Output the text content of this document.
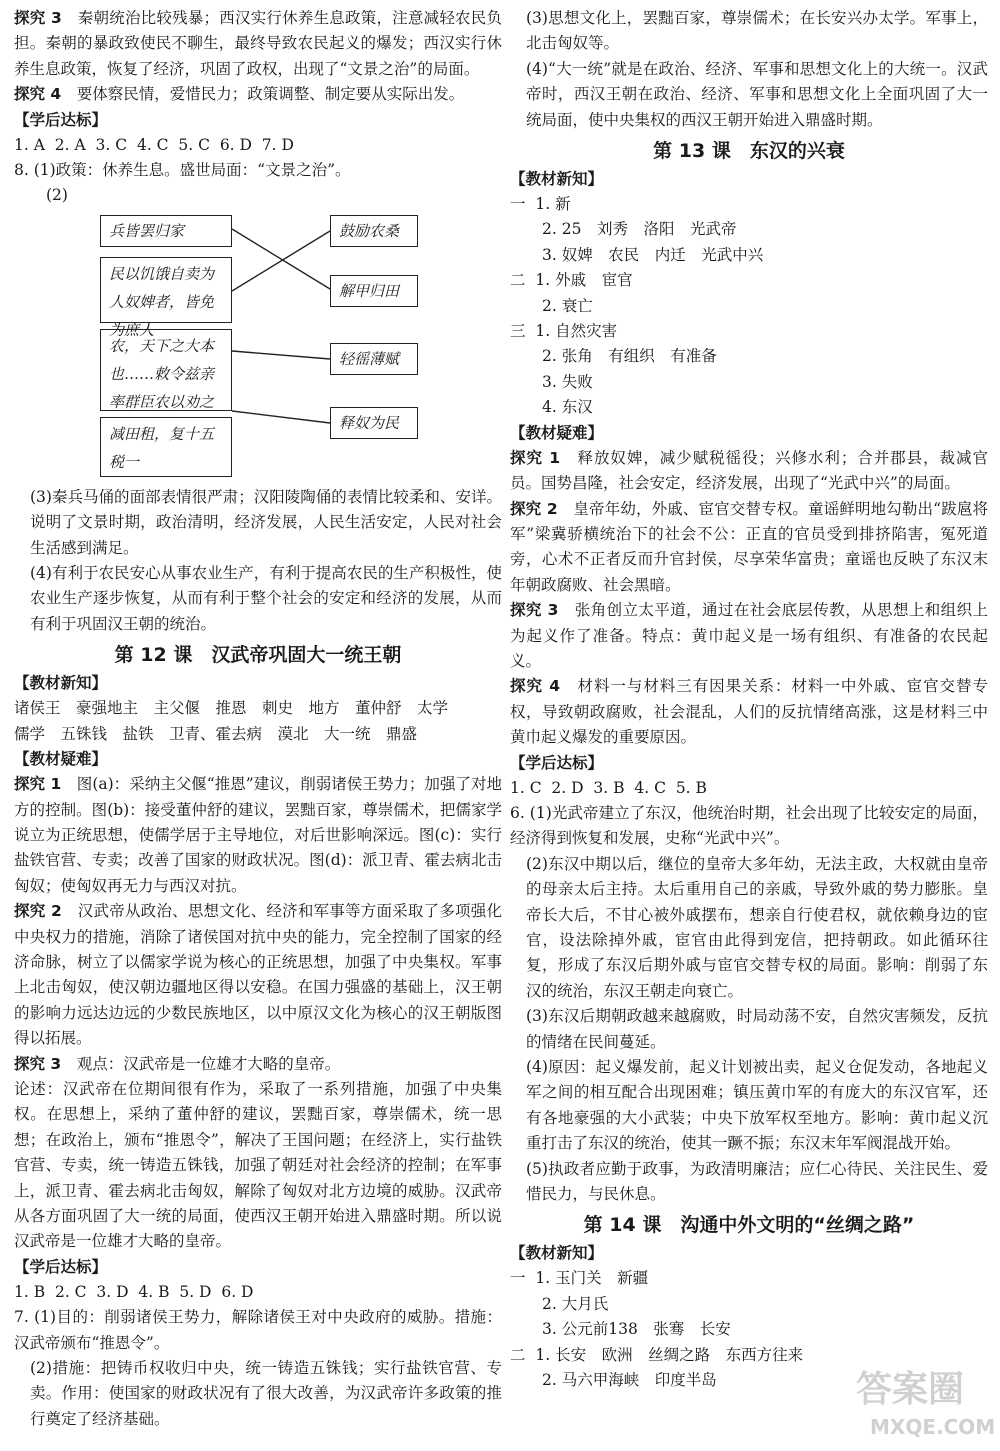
探究 3　 秦朝统治比较残暴；西汉实行休养生息政策，注意减轻农民负担。秦朝的暴政致使民不聊生，最终导致农民起义的爆发；西汉实行休养生息政策，恢复了经济，巩固了政权，出现了“文景之治”的局面。

探究 4　 要体察民情，爱惜民力；政策调整、制定要从实际出发。

【学后达标】

1. A  2. A  3. C  4. C  5. C  6. D  7. D

8. (1)政策：休养生息。盛世局面：“文景之治”。

(2)

兵皆罢归家
民以饥饿自卖为人奴婢者，皆免为庶人
农，天下之大本也……敕令兹亲率群臣农以劝之
减田租，复十五税一
鼓励农桑
解甲归田
轻徭薄赋
释奴为民

(3)秦兵马俑的面部表情很严肃；汉阳陵陶俑的表情比较柔和、安详。说明了文景时期，政治清明，经济发展，人民生活安定，人民对社会生活感到满足。

(4)有利于农民安心从事农业生产，有利于提高农民的生产积极性，使农业生产逐步恢复，从而有利于整个社会的安定和经济的发展，从而有利于巩固汉王朝的统治。

第 12 课　汉武帝巩固大一统王朝

【教材新知】

诸侯王　豪强地主　主父偃　推恩　刺史　地方　董仲舒　太学

儒学　五铢钱　盐铁　卫青、霍去病　漠北　大一统　鼎盛

【教材疑难】

探究 1　 图(a)：采纳主父偃“推恩”建议，削弱诸侯王势力；加强了对地方的控制。图(b)：接受董仲舒的建议，罢黜百家，尊崇儒术，把儒家学说立为正统思想，使儒学居于主导地位，对后世影响深远。图(c)：实行盐铁官营、专卖；改善了国家的财政状况。图(d)：派卫青、霍去病北击匈奴；使匈奴再无力与西汉对抗。

探究 2　 汉武帝从政治、思想文化、经济和军事等方面采取了多项强化中央权力的措施，消除了诸侯国对抗中央的能力，完全控制了国家的经济命脉，树立了以儒家学说为核心的正统思想，加强了中央集权。军事上北击匈奴，使汉朝边疆地区得以安稳。在国力强盛的基础上，汉王朝的影响力远达边远的少数民族地区，以中原汉文化为核心的汉王朝版图得以拓展。

探究 3　 观点：汉武帝是一位雄才大略的皇帝。

论述：汉武帝在位期间很有作为，采取了一系列措施，加强了中央集权。在思想上，采纳了董仲舒的建议，罢黜百家，尊崇儒术，统一思想；在政治上，颁布“推恩令”，解决了王国问题；在经济上，实行盐铁官营、专卖，统一铸造五铢钱，加强了朝廷对社会经济的控制；在军事上，派卫青、霍去病北击匈奴，解除了匈奴对北方边境的威胁。汉武帝从各方面巩固了大一统的局面，使西汉王朝开始进入鼎盛时期。所以说汉武帝是一位雄才大略的皇帝。

【学后达标】

1. B  2. C  3. D  4. B  5. D  6. D

7. (1)目的：削弱诸侯王势力，解除诸侯王对中央政府的威胁。措施：汉武帝颁布“推恩令”。

(2)措施：把铸币权收归中央，统一铸造五铢钱；实行盐铁官营、专卖。作用：使国家的财政状况有了很大改善，为汉武帝许多政策的推行奠定了经济基础。

(3)思想文化上，罢黜百家，尊崇儒术；在长安兴办太学。军事上，北击匈奴等。

(4)“大一统”就是在政治、经济、军事和思想文化上的大统一。汉武帝时，西汉王朝在政治、经济、军事和思想文化上全面巩固了大一统局面，使中央集权的西汉王朝开始进入鼎盛时期。

第 13 课　东汉的兴衰

【教材新知】

一  1. 新

2. 25　刘秀　洛阳　光武帝

3. 奴婢　农民　内迁　光武中兴

二  1. 外戚　宦官

2. 衰亡

三  1. 自然灾害

2. 张角　有组织　有准备

3. 失败

4. 东汉

【教材疑难】

探究 1　 释放奴婢，减少赋税徭役；兴修水利；合并郡县，裁减官员。国势昌隆，社会安定，经济发展，出现了“光武中兴”的局面。

探究 2　 皇帝年幼，外戚、宦官交替专权。童谣鲜明地勾勒出“跋扈将军”梁冀骄横统治下的社会不公：正直的官员受到排挤陷害，冤死道旁，心术不正者反而升官封侯，尽享荣华富贵；童谣也反映了东汉末年朝政腐败、社会黑暗。

探究 3　 张角创立太平道，通过在社会底层传教，从思想上和组织上为起义作了准备。特点：黄巾起义是一场有组织、有准备的农民起义。

探究 4　 材料一与材料三有因果关系：材料一中外戚、宦官交替专权，导致朝政腐败，社会混乱，人们的反抗情绪高涨，这是材料三中黄巾起义爆发的重要原因。

【学后达标】

1. C  2. D  3. B  4. C  5. B

6. (1)光武帝建立了东汉，他统治时期，社会出现了比较安定的局面，经济得到恢复和发展，史称“光武中兴”。

(2)东汉中期以后，继位的皇帝大多年幼，无法主政，大权就由皇帝的母亲太后主持。太后重用自己的亲戚，导致外戚的势力膨胀。皇帝长大后，不甘心被外戚摆布，想亲自行使君权，就依赖身边的宦官，设法除掉外戚，宦官由此得到宠信，把持朝政。如此循环往复，形成了东汉后期外戚与宦官交替专权的局面。影响：削弱了东汉的统治，东汉王朝走向衰亡。

(3)东汉后期朝政越来越腐败，时局动荡不安，自然灾害频发，反抗的情绪在民间蔓延。

(4)原因：起义爆发前，起义计划被出卖，起义仓促发动，各地起义军之间的相互配合出现困难；镇压黄巾军的有庞大的东汉官军，还有各地豪强的大小武装；中央下放军权至地方。影响：黄巾起义沉重打击了东汉的统治，使其一蹶不振；东汉末年军阀混战开始。

(5)执政者应勤于政事，为政清明廉洁；应仁心待民、关注民生、爱惜民力，与民休息。

第 14 课　沟通中外文明的“丝绸之路”

【教材新知】

一  1. 玉门关　新疆

2. 大月氏

3. 公元前138　张骞　长安

二  1. 长安　欧洲　丝绸之路　东西方往来

2. 马六甲海峡　印度半岛	答案圈
MXQE.COM
